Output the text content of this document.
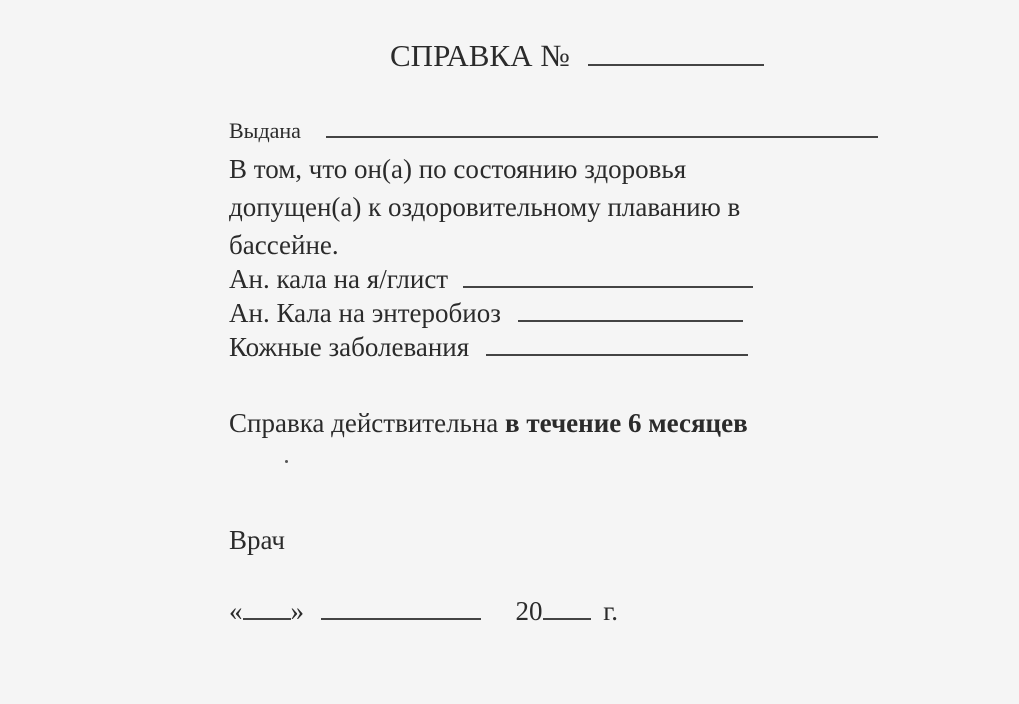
СПРАВКА №
Выдана
В том, что он(а) по состоянию здоровья
допущен(а) к оздоровительному плаванию в
бассейне.
Ан. кала на я/глист
Ан. Кала на энтеробиоз
Кожные заболевания
Справка действительна в течение 6 месяцев
Врач
« »	20 г.
